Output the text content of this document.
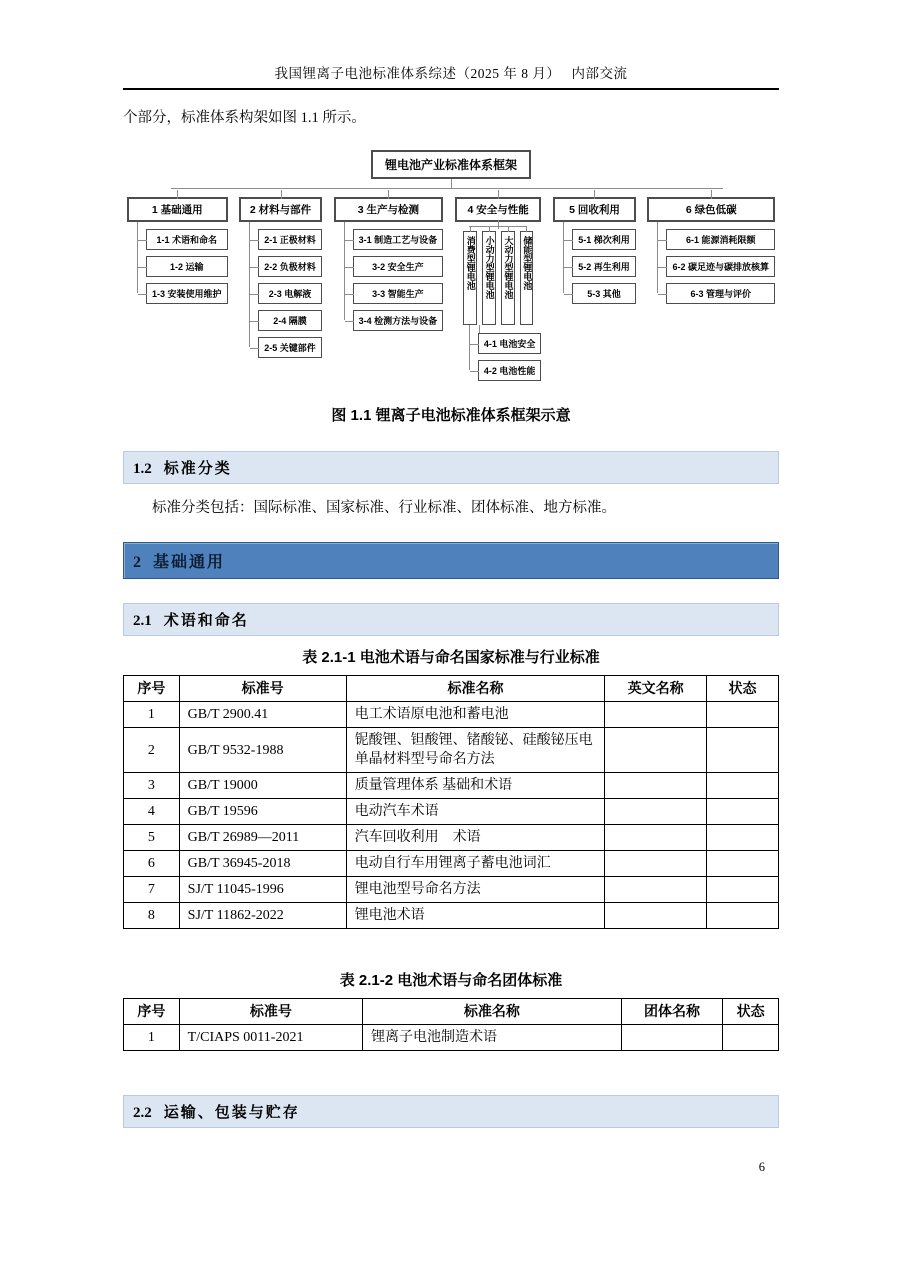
我国锂离子电池标准体系综述（2025 年 8 月）　 内部交流

个部分，标准体系构架如图 1.1 所示。

锂电池产业标准体系框架
1 基础通用
1-1 术语和命名
1-2 运输
1-3 安装使用维护
2 材料与部件
2-1 正极材料
2-2 负极材料
2-3 电解液
2-4 隔膜
2-5 关键部件
3 生产与检测
3-1 制造工艺与设备
3-2 安全生产
3-3 智能生产
3-4 检测方法与设备
4 安全与性能
消费型锂电池 小动力型锂电池 大动力型锂电池 储能型锂电池
4-1 电池安全
4-2 电池性能
5 回收利用
5-1 梯次利用
5-2 再生利用
5-3 其他
6 绿色低碳
6-1 能源消耗限额
6-2 碳足迹与碳排放核算
6-3 管理与评价
图 1.1 锂离子电池标准体系框架示意
1.2 标准分类

标准分类包括：国际标准、国家标准、行业标准、团体标准、地方标准。

2 基础通用
2.1 术语和命名
表 2.1-1 电池术语与命名国家标准与行业标准
序号	标准号	标准名称	英文名称	状态
1	GB/T 2900.41	电工术语原电池和蓄电池		
2	GB/T 9532-1988	铌酸锂、钽酸锂、锗酸铋、硅酸铋压电单晶材料型号命名方法		
3	GB/T 19000	质量管理体系 基础和术语		
4	GB/T 19596	电动汽车术语		
5	GB/T 26989—2011	汽车回收利用　术语		
6	GB/T 36945-2018	电动自行车用锂离子蓄电池词汇		
7	SJ/T 11045-1996	锂电池型号命名方法		
8	SJ/T 11862-2022	锂电池术语		
表 2.1-2 电池术语与命名团体标准
序号	标准号	标准名称	团体名称	状态
1	T/CIAPS 0011-2021	锂离子电池制造术语		
2.2 运输、包装与贮存
6
